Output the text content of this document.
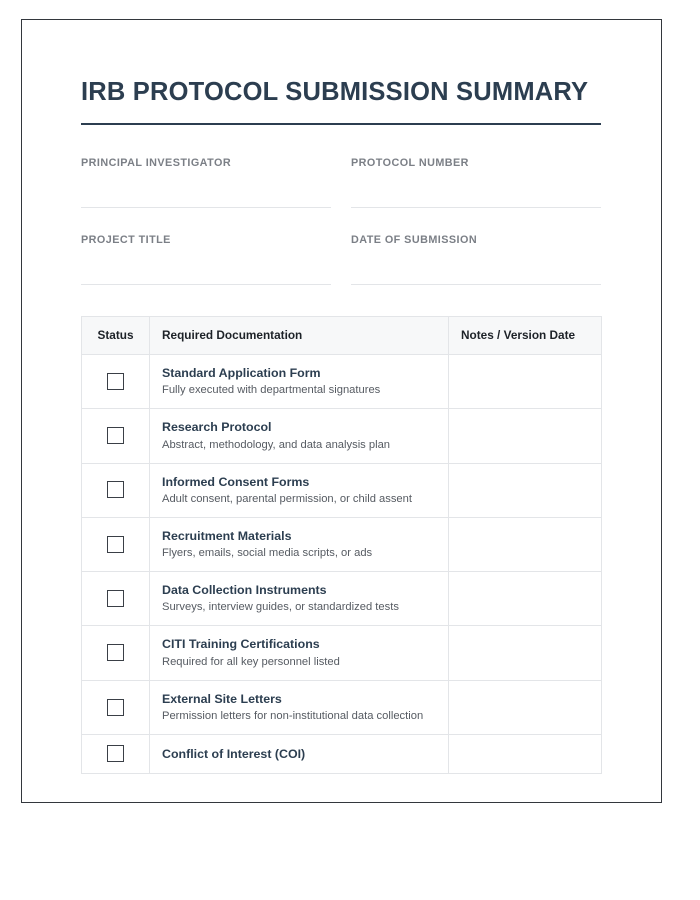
IRB PROTOCOL SUBMISSION SUMMARY
PRINCIPAL INVESTIGATOR	PROTOCOL NUMBER
PROJECT TITLE	DATE OF SUBMISSION
Status	Required Documentation	Notes / Version Date

	Standard Application Form
Fully executed with departmental signatures	

	Research Protocol
Abstract, methodology, and data analysis plan	

	Informed Consent Forms
Adult consent, parental permission, or child assent	

	Recruitment Materials
Flyers, emails, social media scripts, or ads	

	Data Collection Instruments
Surveys, interview guides, or standardized tests	

	CITI Training Certifications
Required for all key personnel listed	

	External Site Letters
Permission letters for non-institutional data collection	

	Conflict of Interest (COI)	
